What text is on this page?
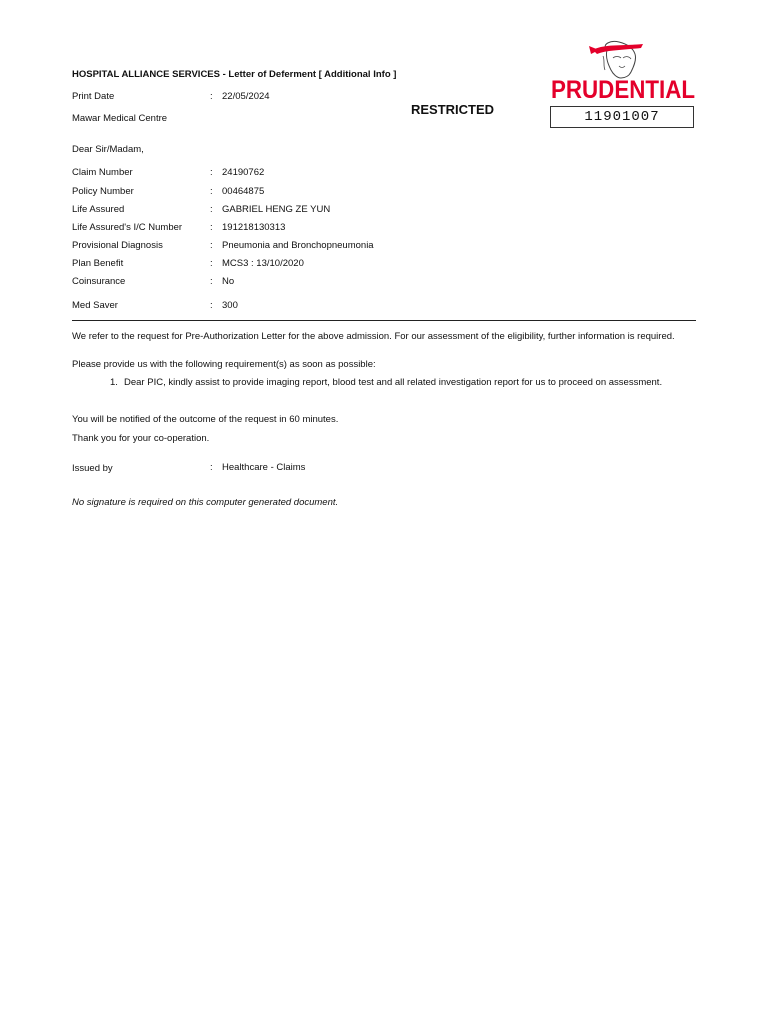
HOSPITAL ALLIANCE SERVICES - Letter of Deferment [ Additional Info ]
Print Date	: 22/05/2024
RESTRICTED
Mawar Medical Centre
PRUDENTIAL
11901007
Dear Sir/Madam,
Claim Number	: 24190762
Policy Number	: 00464875
Life Assured	: GABRIEL HENG ZE YUN
Life Assured's I/C Number	: 191218130313
Provisional Diagnosis	: Pneumonia and Bronchopneumonia
Plan Benefit	: MCS3 : 13/10/2020
Coinsurance	: No
Med Saver	: 300
We refer to the request for Pre-Authorization Letter for the above admission. For our assessment of the eligibility, further information is required.
Please provide us with the following requirement(s) as soon as possible:
1. Dear PIC, kindly assist to provide imaging report, blood test and all related investigation report for us to proceed on assessment.
You will be notified of the outcome of the request in 60 minutes.
Thank you for your co-operation.
Issued by	: Healthcare - Claims
No signature is required on this computer generated document.
